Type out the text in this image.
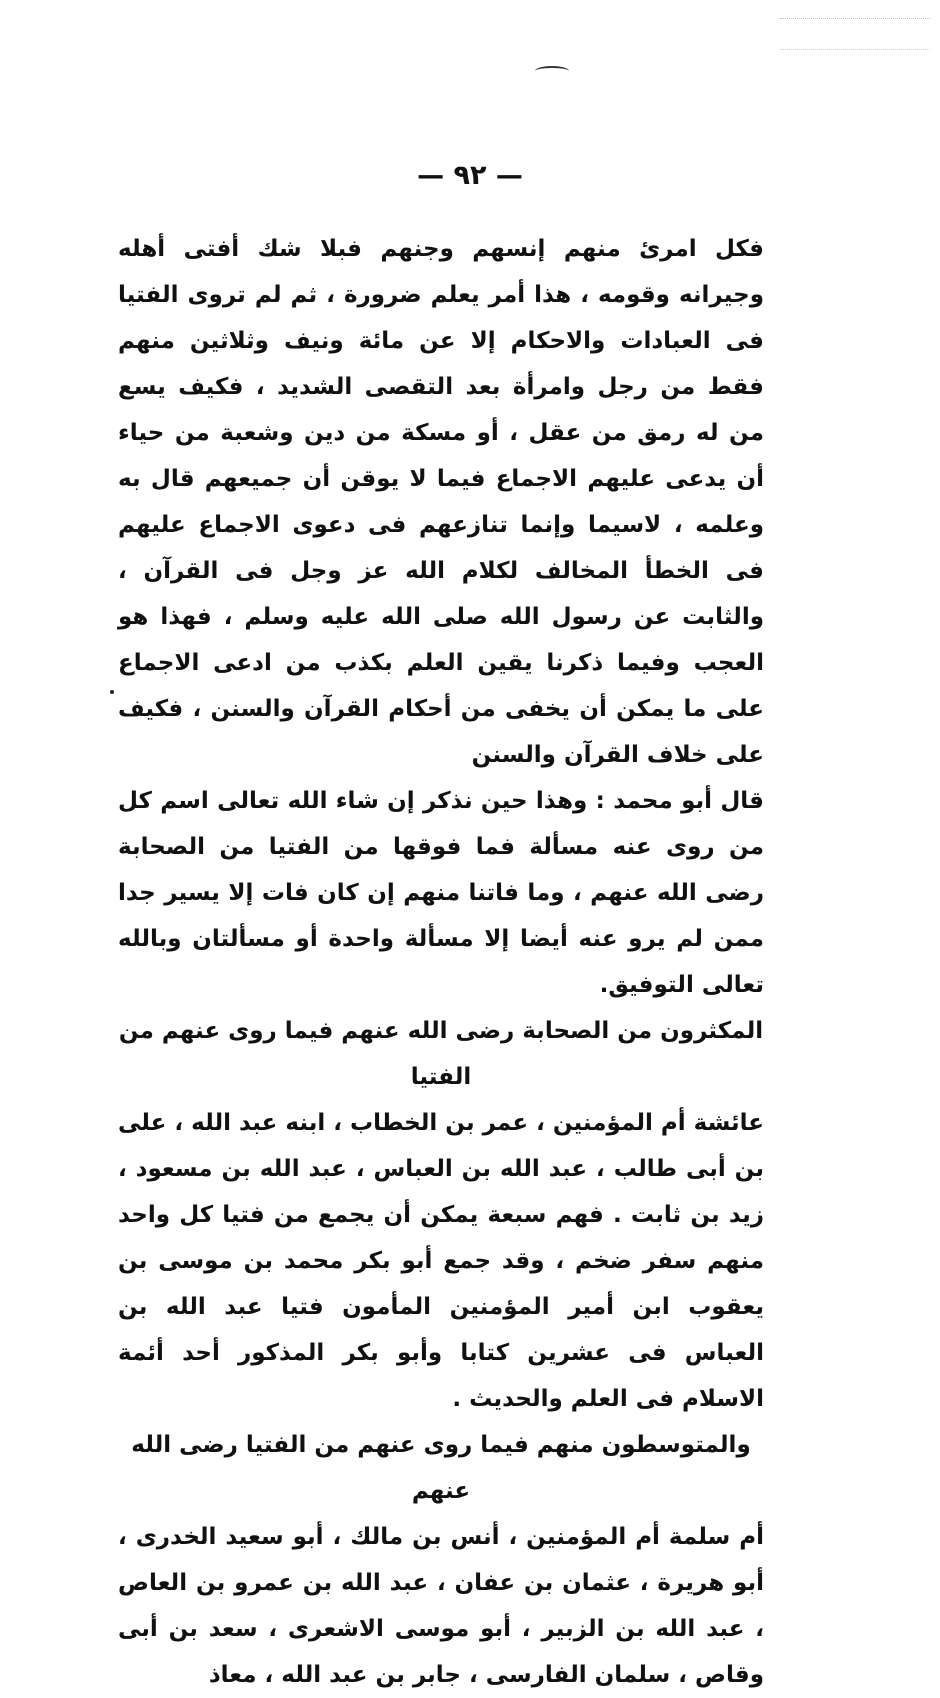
— ٩٢ —

فكل امرئ منهم إنسهم وجنهم فبلا شك أفتى أهله وجيرانه وقومه ، هذا أمر يعلم ضرورة ، ثم لم تروى الفتيا فى العبادات والاحكام إلا عن مائة ونيف وثلاثين منهم فقط من رجل وامرأة بعد التقصى الشديد ، فكيف يسع من له رمق من عقل ، أو مسكة من دين وشعبة من حياء أن يدعى عليهم الاجماع فيما لا يوقن أن جميعهم قال به وعلمه ، لاسيما وإنما تنازعهم فى دعوى الاجماع عليهم فى الخطأ المخالف لكلام الله عز وجل فى القرآن ، والثابت عن رسول الله صلى الله عليه وسلم ، فهذا هو العجب وفيما ذكرنا يقين العلم بكذب من ادعى الاجماع على ما يمكن أن يخفى من أحكام القرآن والسنن ، فكيف على خلاف القرآن والسنن

قال أبو محمد : وهذا حين نذكر إن شاء الله تعالى اسم كل من روى عنه مسألة فما فوقها من الفتيا من الصحابة رضى الله عنهم ، وما فاتنا منهم إن كان فات إلا يسير جدا ممن لم يرو عنه أيضا إلا مسألة واحدة أو مسألتان وبالله تعالى التوفيق.

المكثرون من الصحابة رضى الله عنهم فيما روى عنهم من الفتيا

عائشة أم المؤمنين ، عمر بن الخطاب ، ابنه عبد الله ، على بن أبى طالب ، عبد الله بن العباس ، عبد الله بن مسعود ، زيد بن ثابت . فهم سبعة يمكن أن يجمع من فتيا كل واحد منهم سفر ضخم ، وقد جمع أبو بكر محمد بن موسى بن يعقوب ابن أمير المؤمنين المأمون فتيا عبد الله بن العباس فى عشرين كتابا وأبو بكر المذكور أحد أئمة الاسلام فى العلم والحديث .

والمتوسطون منهم فيما روى عنهم من الفتيا رضى الله عنهم

أم سلمة أم المؤمنين ، أنس بن مالك ، أبو سعيد الخدرى ، أبو هريرة ، عثمان بن عفان ، عبد الله بن عمرو بن العاص ، عبد الله بن الزبير ، أبو موسى الاشعرى ، سعد بن أبى وقاص ، سلمان الفارسى ، جابر بن عبد الله ، معاذ
